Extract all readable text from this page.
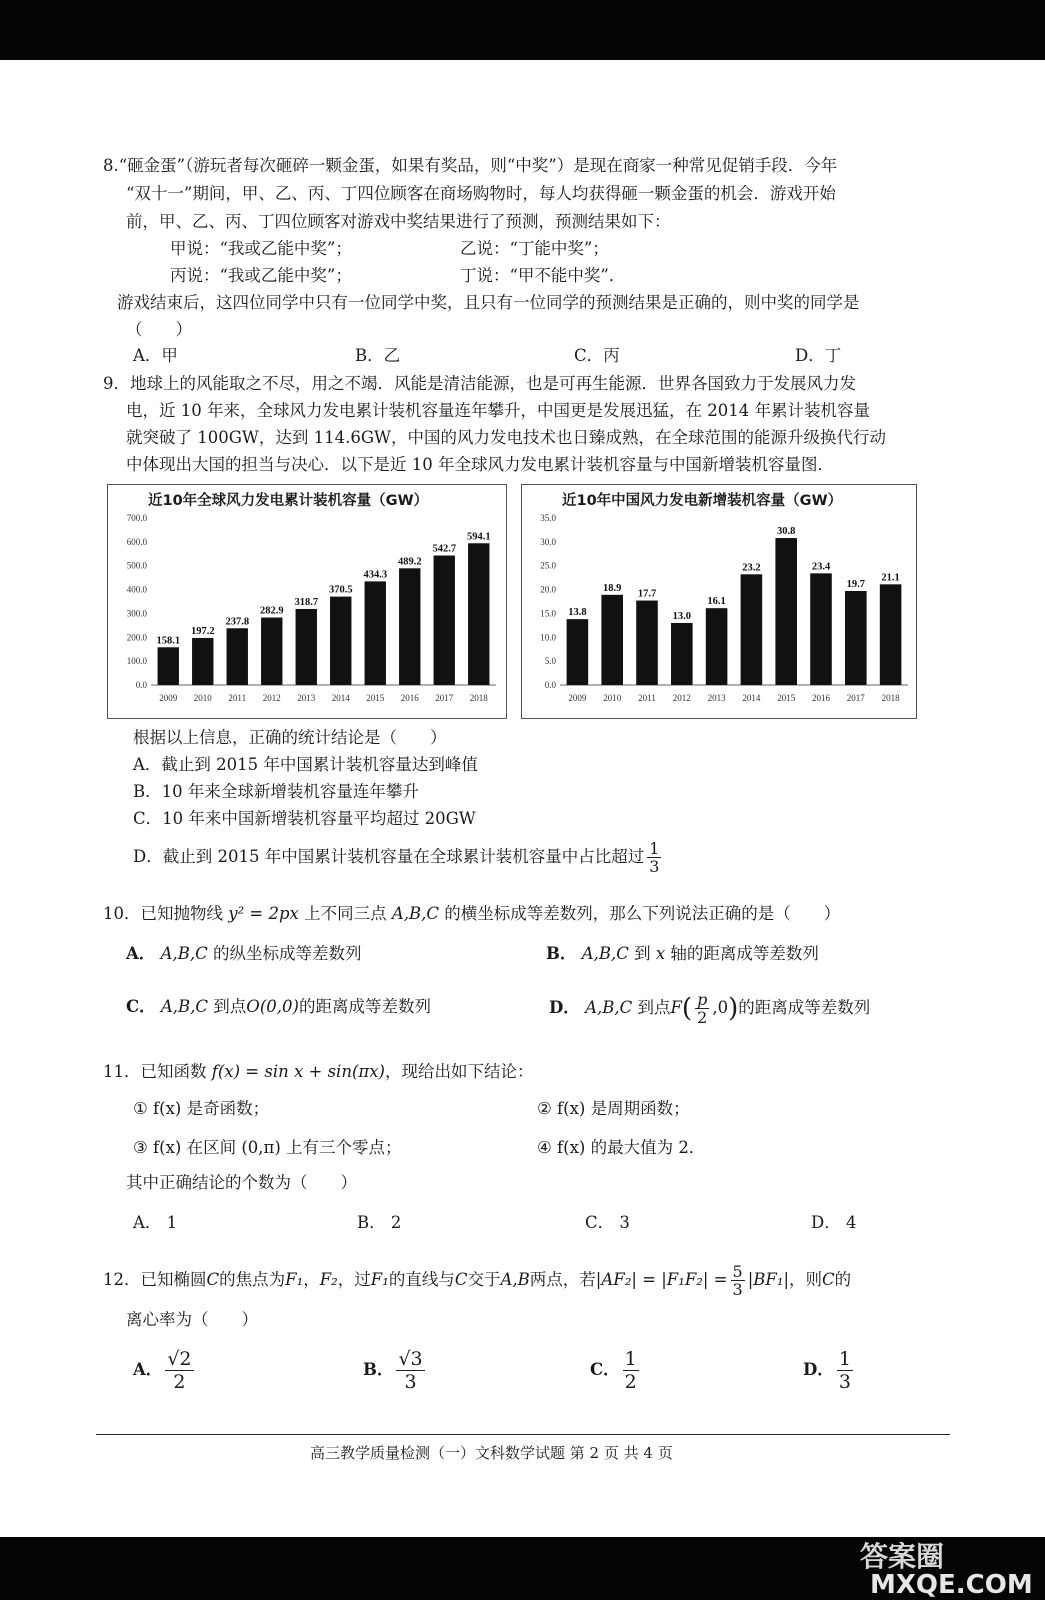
8.“砸金蛋”（游玩者每次砸碎一颗金蛋，如果有奖品，则“中奖”）是现在商家一种常见促销手段．今年
“双十一”期间，甲、乙、丙、丁四位顾客在商场购物时，每人均获得砸一颗金蛋的机会．游戏开始
前，甲、乙、丙、丁四位顾客对游戏中奖结果进行了预测，预测结果如下：
甲说：“我或乙能中奖”；	乙说：“丁能中奖”；
丙说：“我或乙能中奖”；	丁说：“甲不能中奖”．
游戏结束后，这四位同学中只有一位同学中奖，且只有一位同学的预测结果是正确的，则中奖的同学是
（　　）
A．甲	B．乙	C．丙	D．丁
9．地球上的风能取之不尽，用之不竭．风能是清洁能源，也是可再生能源．世界各国致力于发展风力发
电，近 10 年来，全球风力发电累计装机容量连年攀升，中国更是发展迅猛，在 2014 年累计装机容量
就突破了 100GW，达到 114.6GW，中国的风力发电技术也日臻成熟，在全球范围的能源升级换代行动
中体现出大国的担当与决心．以下是近 10 年全球风力发电累计装机容量与中国新增装机容量图．
近10年全球风力发电累计装机容量（GW）
0.0
100.0
200.0
300.0
400.0
500.0
600.0
700.0
158.1
2009
197.2
2010
237.8
2011
282.9
2012
318.7
2013
370.5
2014
434.3
2015
489.2
2016
542.7
2017
594.1
2018
近10年中国风力发电新增装机容量（GW）
0.0
5.0
10.0
15.0
20.0
25.0
30.0
35.0
13.8
2009
18.9
2010
17.7
2011
13.0
2012
16.1
2013
23.2
2014
30.8
2015
23.4
2016
19.7
2017
21.1
2018
根据以上信息，正确的统计结论是（　　）
A．截止到 2015 年中国累计装机容量达到峰值
B．10 年来全球新增装机容量连年攀升
C．10 年来中国新增装机容量平均超过 20GW
D．截止到 2015 年中国累计装机容量在全球累计装机容量中占比超过 $\frac{1}{3}$
10．已知抛物线 y² = 2px 上不同三点 A,B,C 的横坐标成等差数列，那么下列说法正确的是（　　）
A． A,B,C 的纵坐标成等差数列	B． A,B,C 到 x 轴的距离成等差数列
C． A,B,C 到点O(0,0)的距离成等差数列	D． A,B,C 到点$F( \frac{p}{2} ,0)$的距离成等差数列
11．已知函数 f(x) = sin x + sin(πx)，现给出如下结论：
① f(x) 是奇函数；	② f(x) 是周期函数；
③ f(x) 在区间 (0,π) 上有三个零点；	④ f(x) 的最大值为 2．
其中正确结论的个数为（　　）
A． 1	B． 2	C． 3	D． 4
12．已知椭圆C的焦点为F₁，F₂，过F₁的直线与C交于A,B两点，若$|AF_2| = |F_1F_2| = \frac{5}{3} |BF_1|$，则C的
离心率为（　　）
A． $\frac{√2}{2}$	B． $\frac{√3}{3}$	C． $\frac{1}{2}$	D． $\frac{1}{3}$
高三教学质量检测（一）文科数学试题 第 2 页 共 4 页
答案圈
MXQE.COM
